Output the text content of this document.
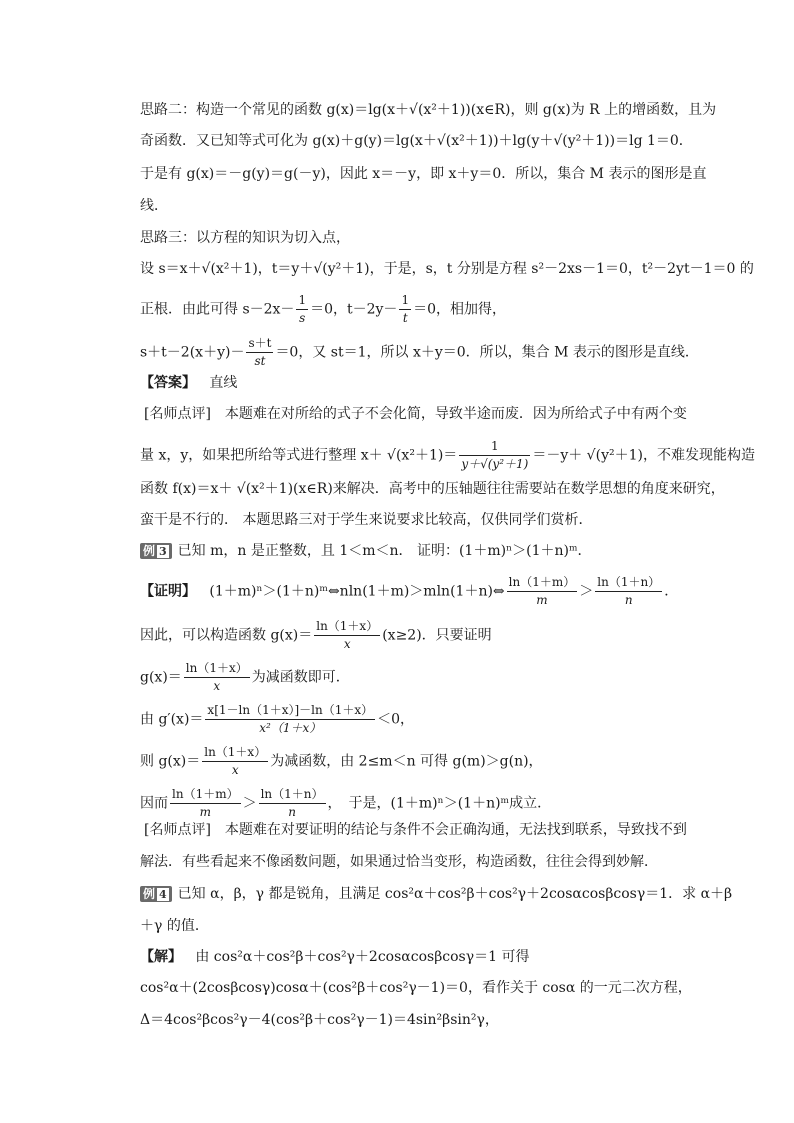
思路二：构造一个常见的函数 g(x)＝lg(x＋√(x²＋1))(x∈R)，则 g(x)为 R 上的增函数，且为
奇函数．又已知等式可化为 g(x)＋g(y)＝lg(x＋√(x²＋1))＋lg(y＋√(y²＋1))＝lg 1＝0．
于是有 g(x)＝－g(y)＝g(－y)，因此 x＝－y，即 x＋y＝0．所以，集合 M 表示的图形是直
线．
思路三：以方程的知识为切入点，
设 s＝x＋√(x²＋1)，t＝y＋√(y²＋1)，于是，s，t 分别是方程 s²－2xs－1＝0，t²－2yt－1＝0 的
正根．由此可得 $s-2x- \frac{1}{s} =0$，$t-2y- \frac{1}{t} =0$，相加得，
$s+t-2(x+y)- \frac{s+t}{st} =0$，又 st＝1，所以 x＋y＝0．所以，集合 M 表示的图形是直线．
【答案】 直线
[名师点评]　本题难在对所给的式子不会化简，导致半途而废．因为所给式子中有两个变
量 x，y，如果把所给等式进行整理 $x+ √(x^2+1)= \frac{1}{\text{y＋√(y²＋1)}} =-y+ √(y^2+1)$，不难发现能构造
函数 f(x)＝x＋ √(x²＋1)(x∈R)来解决．高考中的压轴题往往需要站在数学思想的角度来研究，
蛮干是不行的． 本题思路三对于学生来说要求比较高，仅供同学们赏析．
例 3 已知 m，n 是正整数，且 1＜m＜n． 证明：(1＋m)ⁿ＞(1＋n)ᵐ．
【证明】 (1＋m)ⁿ＞(1＋n)ᵐ⇔nln(1＋m)＞mln(1＋n)⇔ $\frac{\ln(1+m)}{m} > \frac{\ln(1+n)}{n}$ ．
因此，可以构造函数 $g(x)= \frac{\ln(1+x)}{x} (x\ge 2)$．只要证明
$g(x)= \frac{\ln(1+x)}{x}$ 为减函数即可．
由 $g'(x)= \frac{x[1-\ln(1+x)]-\ln(1+x)}{\text{x²（1＋x）}} <0$，
则 $g(x)= \frac{\ln(1+x)}{x}$ 为减函数，由 2≤m＜n 可得 g(m)＞g(n)，
因而 $\frac{\ln(1+m)}{m} > \frac{\ln(1+n)}{n}$ ，　于是，(1＋m)ⁿ＞(1＋n)ᵐ成立．
[名师点评]　本题难在对要证明的结论与条件不会正确沟通，无法找到联系，导致找不到
解法．有些看起来不像函数问题，如果通过恰当变形，构造函数，往往会得到妙解．
例 4 已知 α，β，γ 都是锐角，且满足 cos²α＋cos²β＋cos²γ＋2cosαcosβcosγ＝1．求 α＋β
＋γ 的值．
【解】 由 cos²α＋cos²β＋cos²γ＋2cosαcosβcosγ＝1 可得
cos²α＋(2cosβcosγ)cosα＋(cos²β＋cos²γ－1)＝0，看作关于 cosα 的一元二次方程，
Δ＝4cos²βcos²γ－4(cos²β＋cos²γ－1)＝4sin²βsin²γ，
